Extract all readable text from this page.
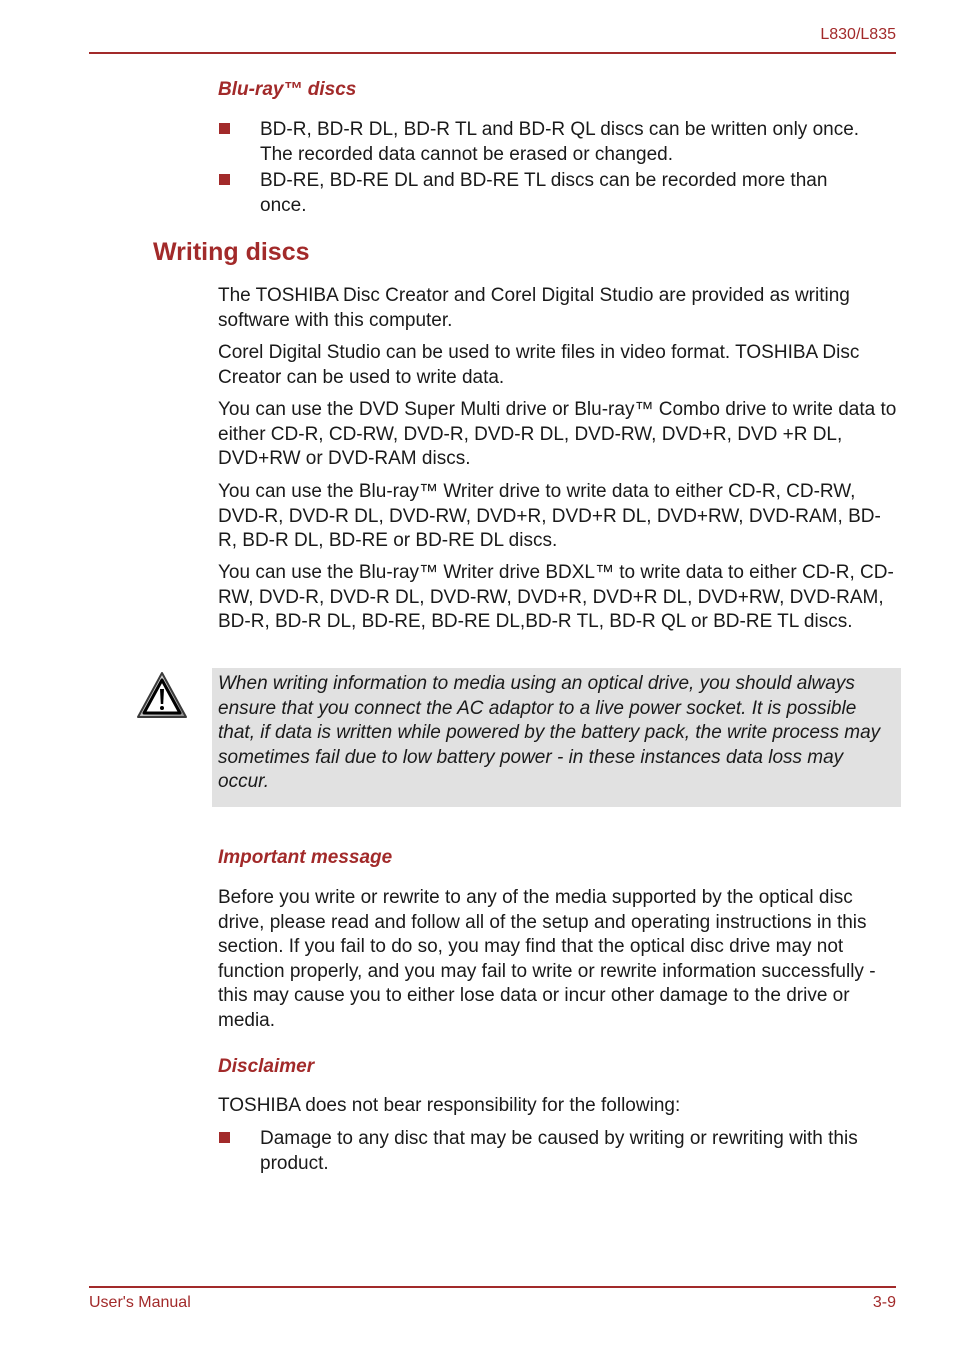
L830/L835
Blu-ray™ discs
BD-R, BD-R DL, BD-R TL and BD-R QL discs can be written only once. The recorded data cannot be erased or changed.
BD-RE, BD-RE DL and BD-RE TL discs can be recorded more than once.
Writing discs

The TOSHIBA Disc Creator and Corel Digital Studio are provided as writing software with this computer.

Corel Digital Studio can be used to write files in video format. TOSHIBA Disc Creator can be used to write data.

You can use the DVD Super Multi drive or Blu-ray™ Combo drive to write data to either CD-R, CD-RW, DVD-R, DVD-R DL, DVD-RW, DVD+R, DVD +R DL, DVD+RW or DVD-RAM discs.

You can use the Blu-ray™ Writer drive to write data to either CD-R, CD-RW, DVD-R, DVD-R DL, DVD-RW, DVD+R, DVD+R DL, DVD+RW, DVD-RAM, BD-R, BD-R DL, BD-RE or BD-RE DL discs.

You can use the Blu-ray™ Writer drive BDXL™ to write data to either CD-R, CD-RW, DVD-R, DVD-R DL, DVD-RW, DVD+R, DVD+R DL, DVD+RW, DVD-RAM, BD-R, BD-R DL, BD-RE, BD-RE DL,BD-R TL, BD-R QL or BD-RE TL discs.

When writing information to media using an optical drive, you should always ensure that you connect the AC adaptor to a live power socket. It is possible that, if data is written while powered by the battery pack, the write process may sometimes fail due to low battery power - in these instances data loss may occur.

Important message

Before you write or rewrite to any of the media supported by the optical disc drive, please read and follow all of the setup and operating instructions in this section. If you fail to do so, you may find that the optical disc drive may not function properly, and you may fail to write or rewrite information successfully - this may cause you to either lose data or incur other damage to the drive or media.

Disclaimer

TOSHIBA does not bear responsibility for the following:

Damage to any disc that may be caused by writing or rewriting with this product.
User's Manual	3-9
